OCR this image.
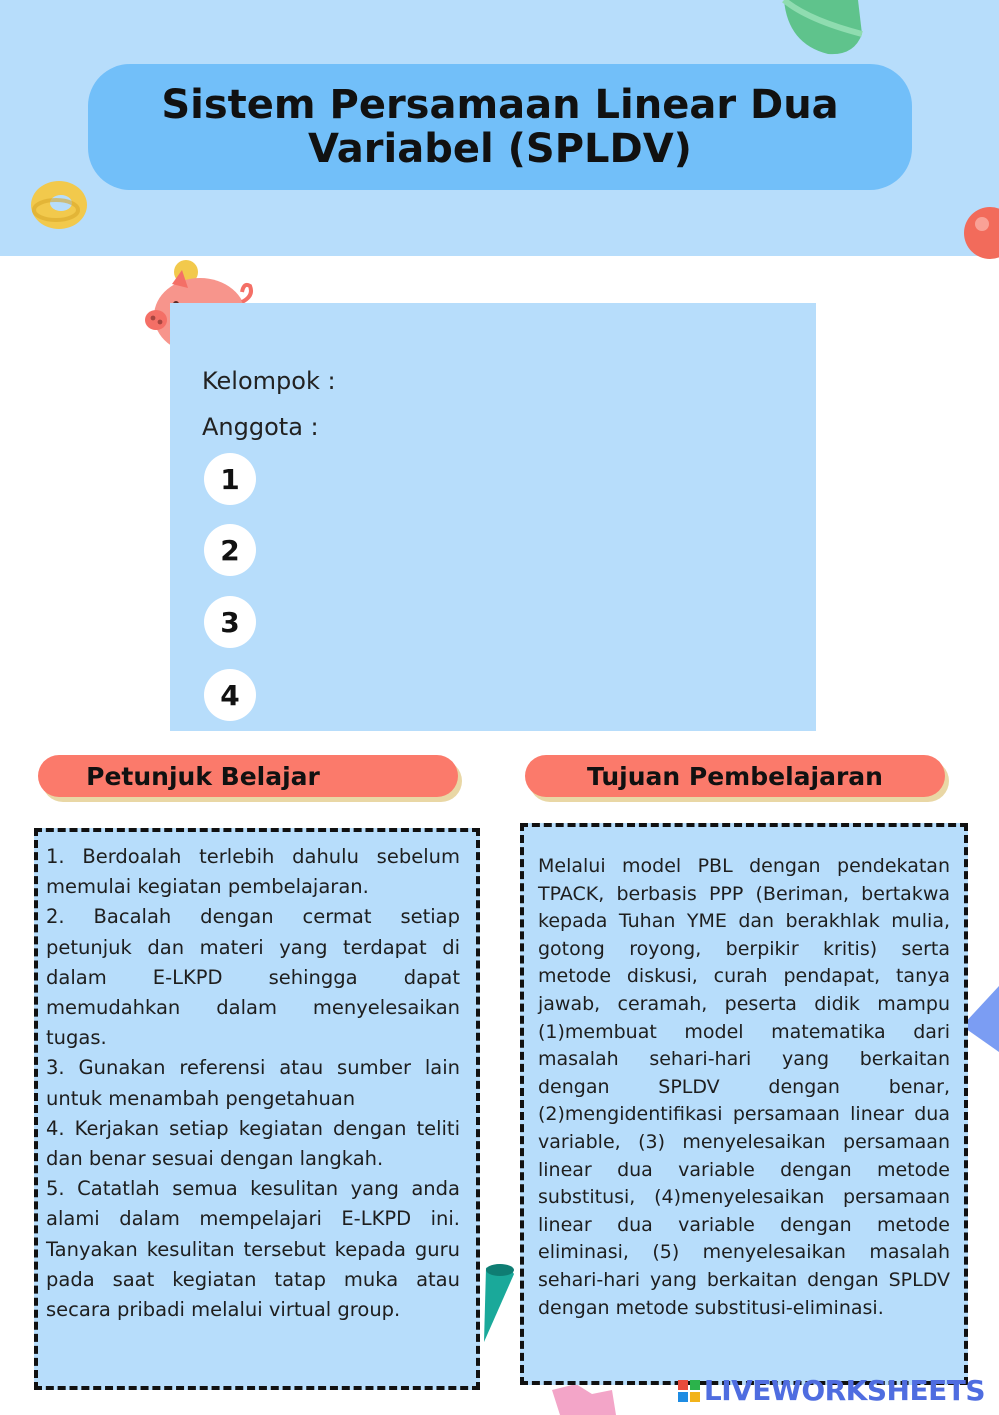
Sistem Persamaan Linear Dua Variabel (SPLDV)
Kelompok :
Anggota :
1
2
3
4
Petunjuk Belajar	Tujuan Pembelajaran

1. Berdoalah terlebih dahulu sebelum memulai kegiatan pembelajaran.

2. Bacalah dengan cermat setiap petunjuk dan materi yang terdapat di dalam E-LKPD sehingga dapat memudahkan dalam menyelesaikan tugas.

3. Gunakan referensi atau sumber lain untuk menambah pengetahuan

4. Kerjakan setiap kegiatan dengan teliti dan benar sesuai dengan langkah.

5. Catatlah semua kesulitan yang anda alami dalam mempelajari E-LKPD ini. Tanyakan kesulitan tersebut kepada guru pada saat kegiatan tatap muka atau secara pribadi melalui virtual group.

Melalui model PBL dengan pendekatan TPACK, berbasis PPP (Beriman, bertakwa kepada Tuhan YME dan berakhlak mulia, gotong royong, berpikir kritis) serta metode diskusi, curah pendapat, tanya jawab, ceramah, peserta didik mampu (1)membuat model matematika dari masalah sehari-hari yang berkaitan dengan SPLDV dengan benar, (2)mengidentifikasi persamaan linear dua variable, (3) menyelesaikan persamaan linear dua variable dengan metode substitusi, (4)menyelesaikan persamaan linear dua variable dengan metode eliminasi, (5) menyelesaikan masalah sehari-hari yang berkaitan dengan SPLDV dengan metode substitusi-eliminasi.

LIVEWORKSHEETS
